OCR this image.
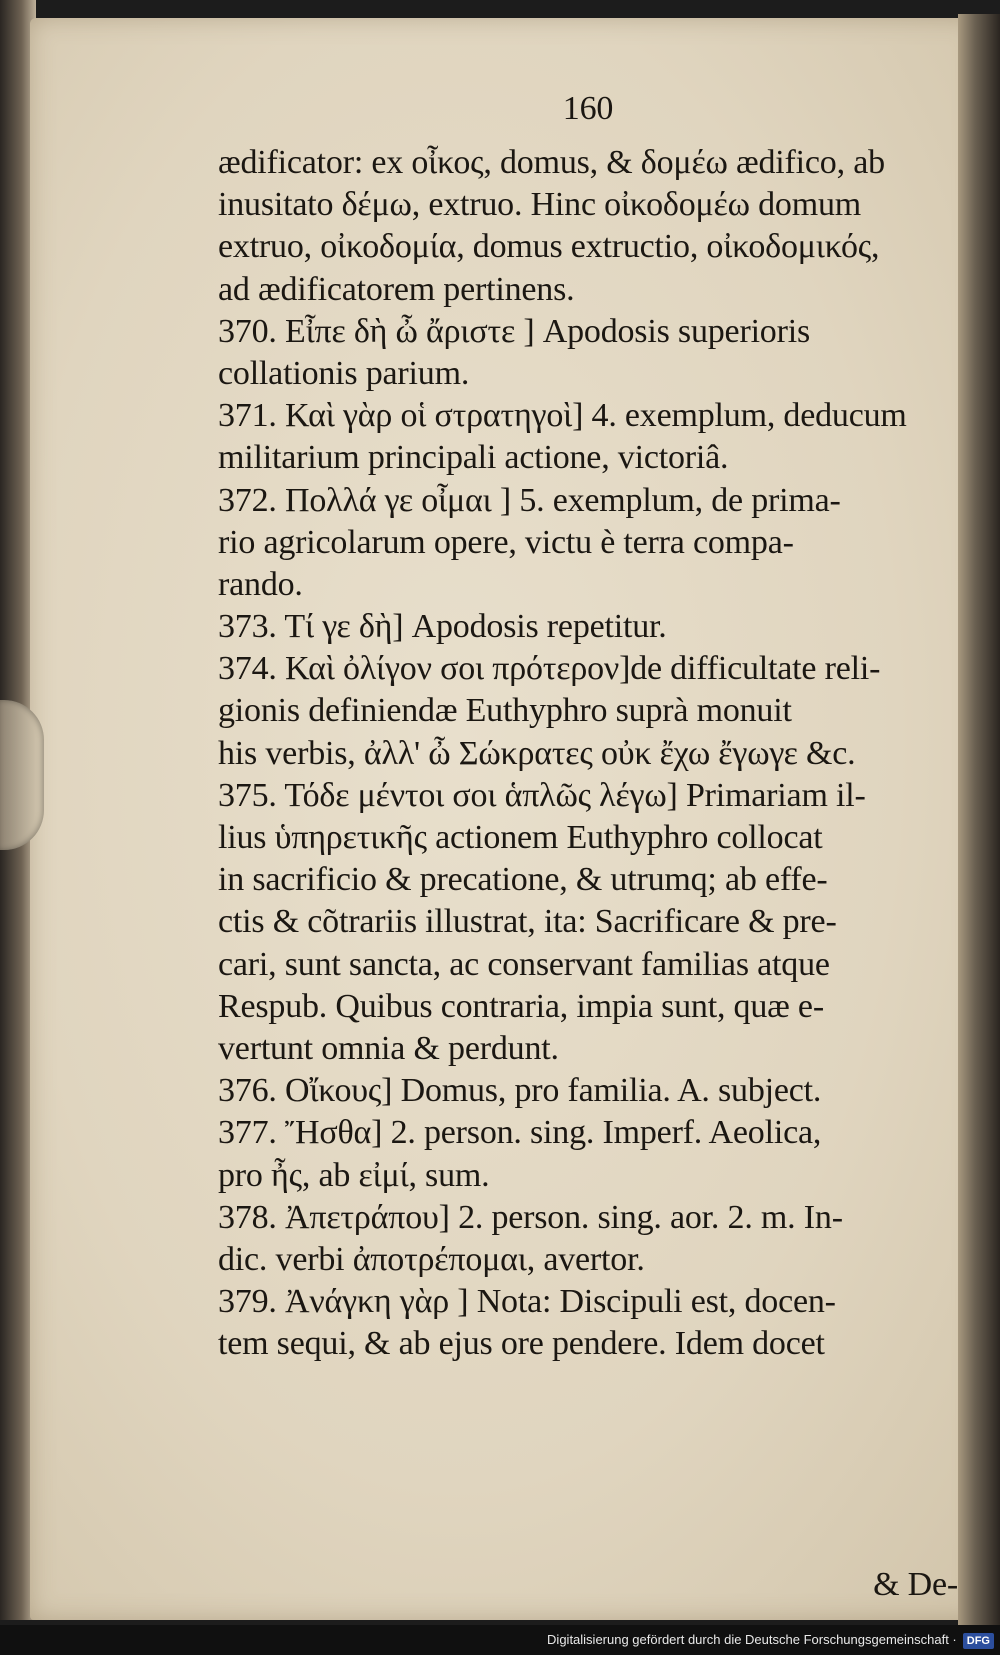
160
ædificator: ex οἶκος, domus, & δομέω ædifico, ab
inusitato δέμω, extruo. Hinc οἰκοδομέω domum
extruo, οἰκοδομία, domus extructio, οἰκοδομικός,
ad ædificatorem pertinens.
370. Εἶπε δὴ ὦ ἄριστε ] Apodosis superioris
collationis parium.
371. Καὶ γὰρ οἱ στρατηγοὶ] 4. exemplum, deducum
militarium principali actione, victoriâ.
372. Πολλά γε οἶμαι ] 5. exemplum, de prima-
rio agricolarum opere, victu è terra compa-
rando.
373. Τί γε δὴ] Apodosis repetitur.
374. Καὶ ὀλίγον σοι πρότερον]de difficultate reli-
gionis definiendæ Euthyphro suprà monuit
his verbis, ἀλλ' ὦ Σώκρατες οὐκ ἔχω ἔγωγε &c.
375. Τόδε μέντοι σοι ἁπλῶς λέγω] Primariam il-
lius ὑπηρετικῆς actionem Euthyphro collocat
in sacrificio & precatione, & utrumq; ab effe-
ctis & cõtrariis illustrat, ita: Sacrificare & pre-
cari, sunt sancta, ac conservant familias atque
Respub. Quibus contraria, impia sunt, quæ e-
vertunt omnia & perdunt.
376. Οἴκους] Domus, pro familia. A. subject.
377. Ἤσθα] 2. person. sing. Imperf. Aeolica,
pro ἦς, ab εἰμί, sum.
378. Ἀπετράπου] 2. person. sing. aor. 2. m. In-
dic. verbi ἀποτρέπομαι, avertor.
379. Ἀνάγκη γὰρ ] Nota: Discipuli est, docen-
tem sequi, & ab ejus ore pendere. Idem docet
& De-
Digitalisierung gefördert durch die Deutsche Forschungsgemeinschaft · DFG
